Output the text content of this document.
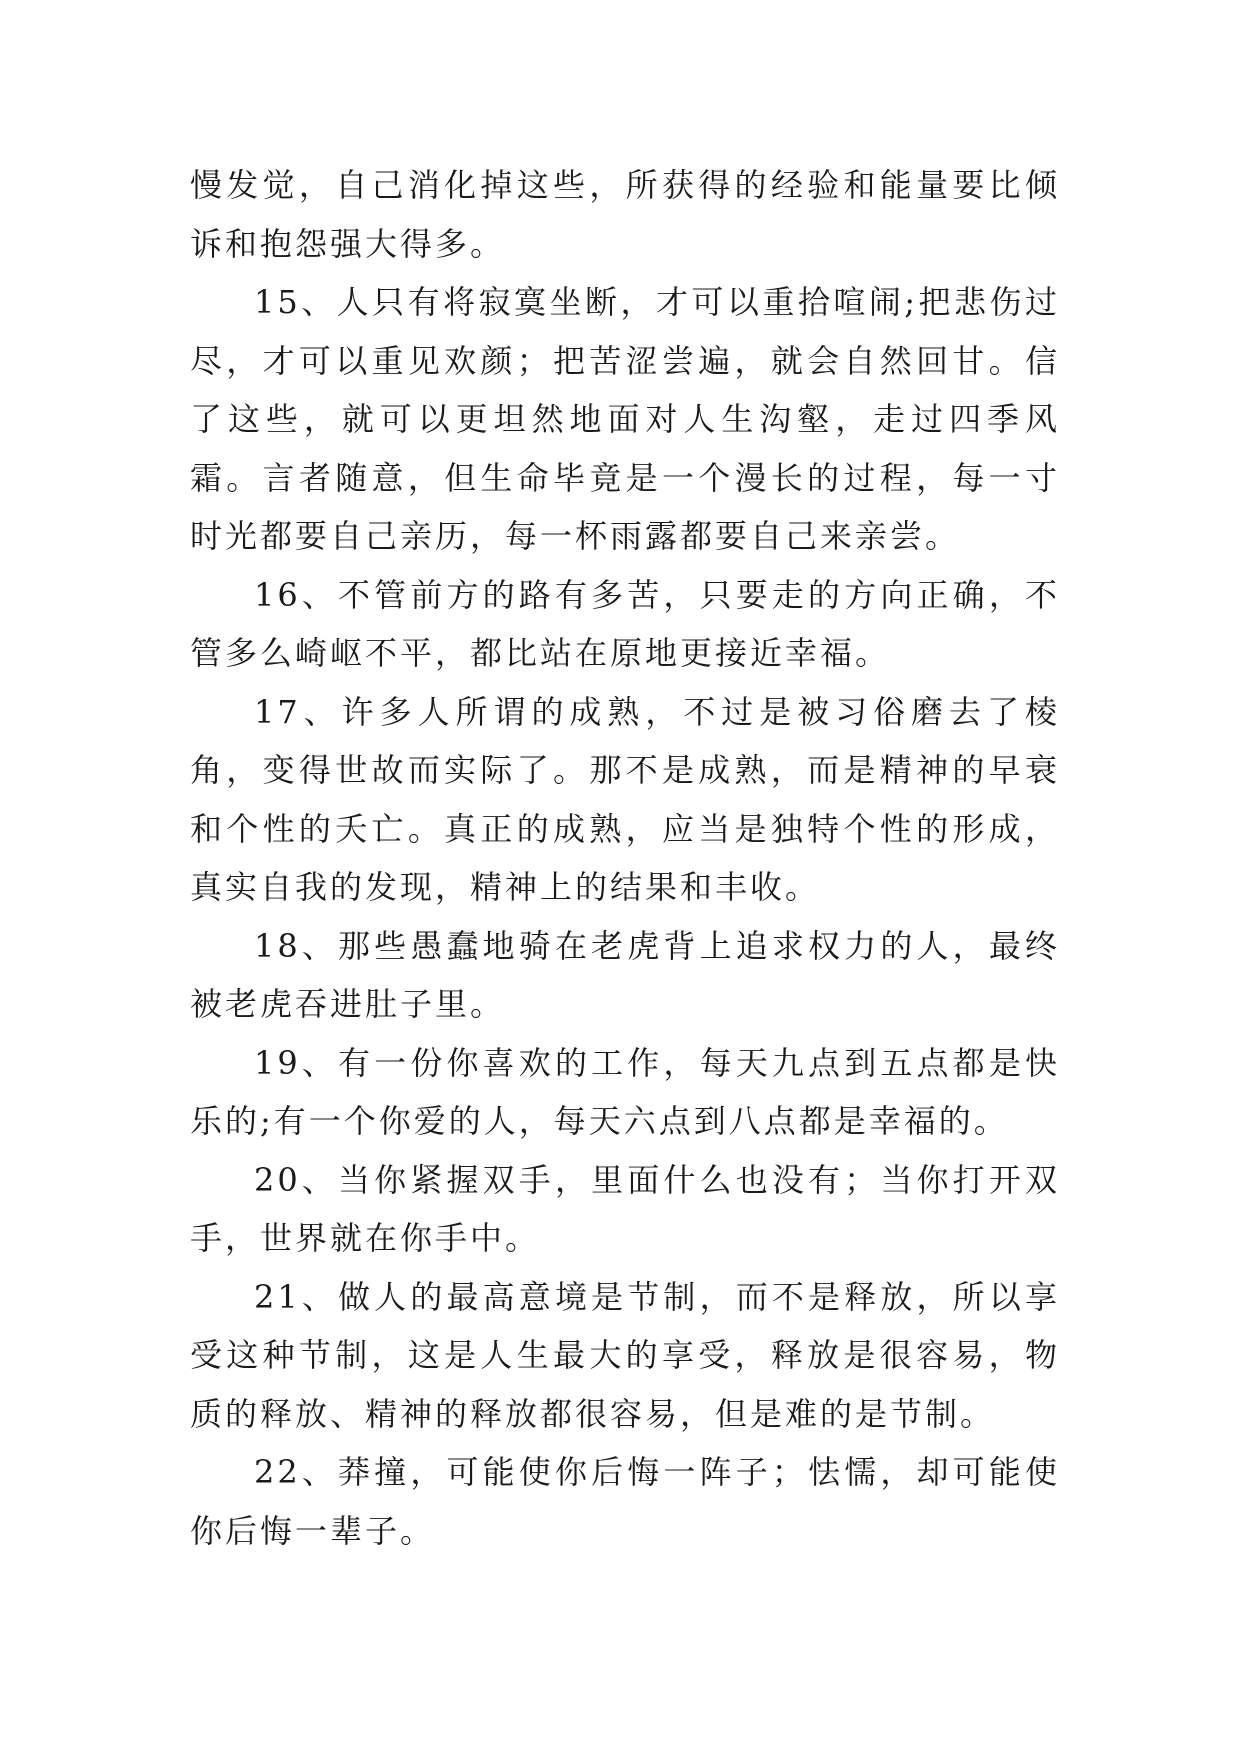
慢发觉，自己消化掉这些，所获得的经验和能量要比倾诉和抱怨强大得多。

15、人只有将寂寞坐断，才可以重拾喧闹;把悲伤过尽，才可以重见欢颜；把苦涩尝遍，就会自然回甘。信了这些，就可以更坦然地面对人生沟壑，走过四季风霜。言者随意，但生命毕竟是一个漫长的过程，每一寸时光都要自己亲历，每一杯雨露都要自己来亲尝。

16、不管前方的路有多苦，只要走的方向正确，不管多么崎岖不平，都比站在原地更接近幸福。

17、许多人所谓的成熟，不过是被习俗磨去了棱角，变得世故而实际了。那不是成熟，而是精神的早衰和个性的夭亡。真正的成熟，应当是独特个性的形成，真实自我的发现，精神上的结果和丰收。

18、那些愚蠢地骑在老虎背上追求权力的人，最终被老虎吞进肚子里。

19、有一份你喜欢的工作，每天九点到五点都是快乐的;有一个你爱的人，每天六点到八点都是幸福的。

20、当你紧握双手，里面什么也没有；当你打开双手，世界就在你手中。

21、做人的最高意境是节制，而不是释放，所以享受这种节制，这是人生最大的享受，释放是很容易，物质的释放、精神的释放都很容易，但是难的是节制。

22、莽撞，可能使你后悔一阵子；怯懦，却可能使你后悔一辈子。
